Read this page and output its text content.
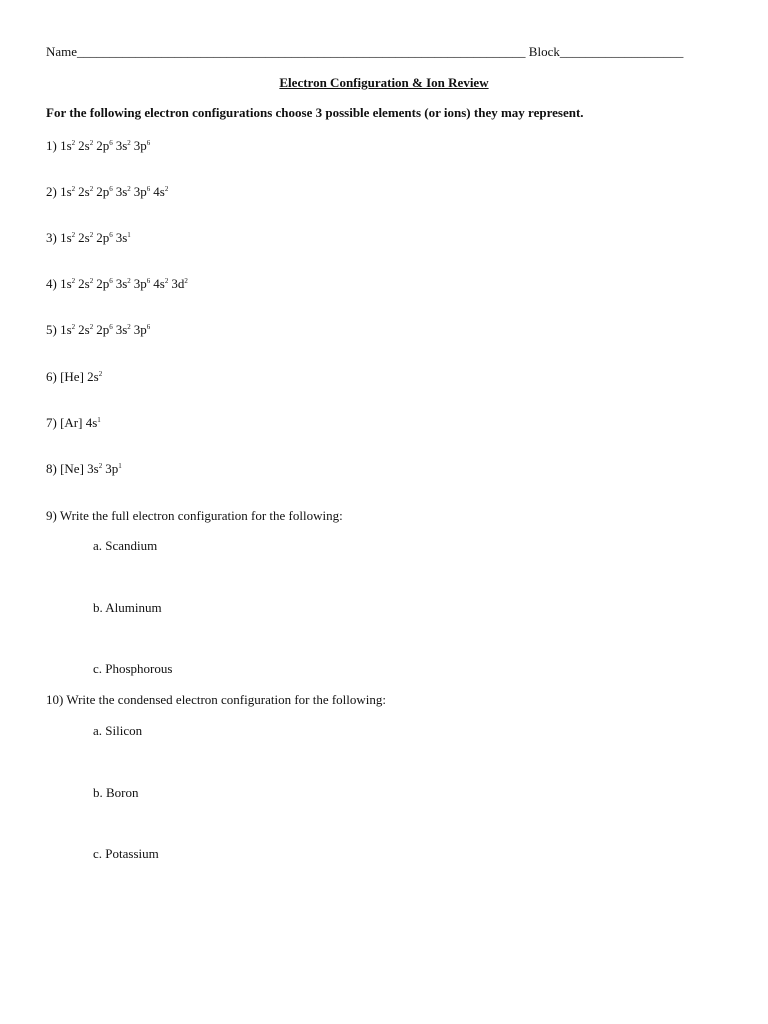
Name_____________________________________________________________________ Block___________________
Electron Configuration & Ion Review
For the following electron configurations choose 3 possible elements (or ions) they may represent.
1) $1s^2$ $2s^2$ $2p^6$ $3s^2$ $3p^6$
2) $1s^2$ $2s^2$ $2p^6$ $3s^2$ $3p^6$ $4s^2$
3) $1s^2$ $2s^2$ $2p^6$ $3s^1$
4) $1s^2$ $2s^2$ $2p^6$ $3s^2$ $3p^6$ $4s^2$ $3d^2$
5) $1s^2$ $2s^2$ $2p^6$ $3s^2$ $3p^6$
6) [He] $2s^2$
7) [Ar] $4s^1$
8) [Ne] $3s^2$ $3p^1$
9) Write the full electron configuration for the following:
a. Scandium
b. Aluminum
c. Phosphorous
10) Write the condensed electron configuration for the following:
a. Silicon
b. Boron
c. Potassium
